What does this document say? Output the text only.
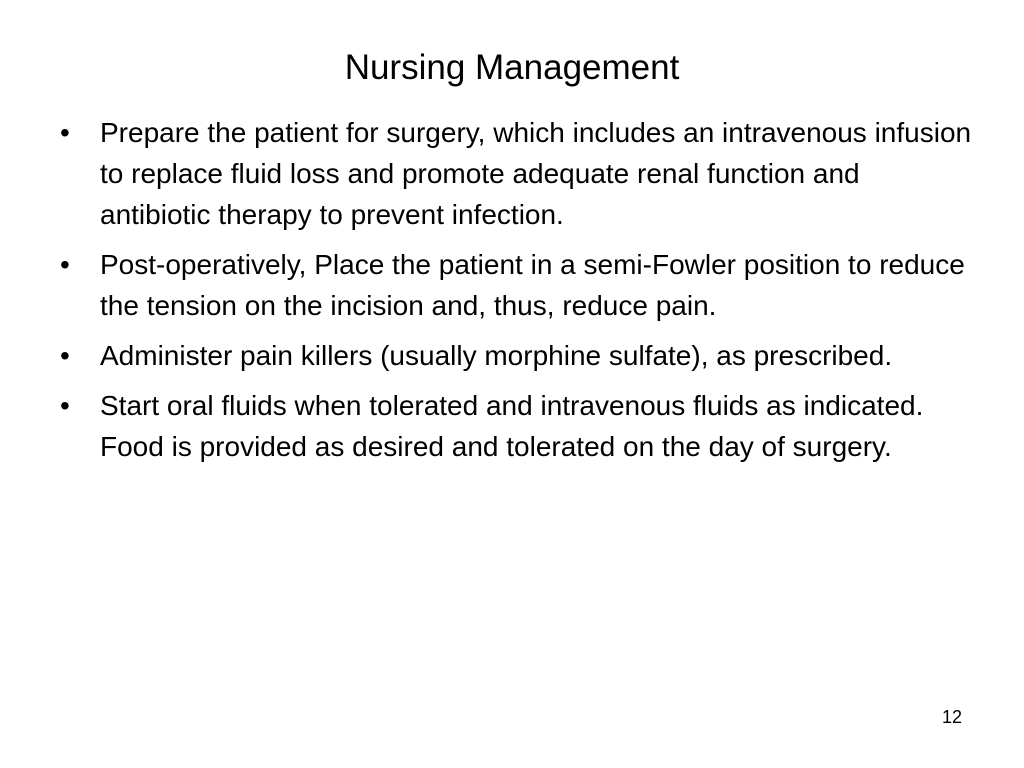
Nursing Management
•	Prepare the patient for surgery, which includes an intravenous infusion to replace fluid loss and promote adequate renal function and antibiotic therapy to prevent infection.
•	Post-operatively, Place the patient in a semi-Fowler position to reduce the tension on the incision and, thus, reduce pain.
•	Administer pain killers (usually morphine sulfate), as prescribed.
•	Start oral fluids when tolerated and intravenous fluids as indicated. Food is provided as desired and tolerated on the day of surgery.
12
